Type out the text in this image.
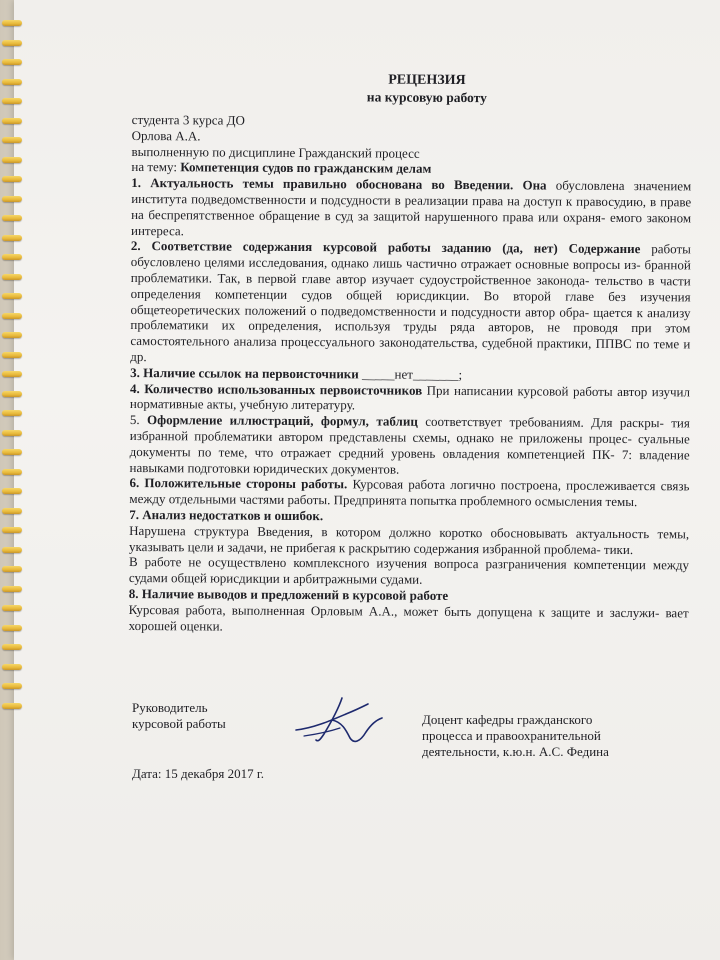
РЕЦЕНЗИЯ
на курсовую работу

студента 3 курса ДО

Орлова А.А.

выполненную по дисциплине Гражданский процесс

на тему: Компетенция судов по гражданским делам

1. Актуальность темы правильно обоснована во Введении. Она обусловлена значением института подведомственности и подсудности в реализации права на доступ к правосудию, в праве на беспрепятственное обращение в суд за защитой нарушенного права или охраня- емого законом интереса.

2. Соответствие содержания курсовой работы заданию (да, нет) Содержание работы обусловлено целями исследования, однако лишь частично отражает основные вопросы из- бранной проблематики. Так, в первой главе автор изучает судоустройственное законода- тельство в части определения компетенции судов общей юрисдикции. Во второй главе без изучения общетеоретических положений о подведомственности и подсудности автор обра- щается к анализу проблематики их определения, используя труды ряда авторов, не проводя при этом самостоятельного анализа процессуального законодательства, судебной практики, ППВС по теме и др.

3. Наличие ссылок на первоисточники _____нет_______;

4. Количество использованных первоисточников При написании курсовой работы автор изучил нормативные акты, учебную литературу.

5. Оформление иллюстраций, формул, таблиц соответствует требованиям. Для раскры- тия избранной проблематики автором представлены схемы, однако не приложены процес- суальные документы по теме, что отражает средний уровень овладения компетенцией ПК- 7: владение навыками подготовки юридических документов.

6. Положительные стороны работы. Курсовая работа логично построена, прослеживается связь между отдельными частями работы. Предпринята попытка проблемного осмысления темы.

7. Анализ недостатков и ошибок.

Нарушена структура Введения, в котором должно коротко обосновывать актуальность темы, указывать цели и задачи, не прибегая к раскрытию содержания избранной проблема- тики.

В работе не осуществлено комплексного изучения вопроса разграничения компетенции между судами общей юрисдикции и арбитражными судами.

8. Наличие выводов и предложений в курсовой работе

Курсовая работа, выполненная Орловым А.А., может быть допущена к защите и заслужи- вает хорошей оценки.

Руководитель
курсовой работы	Доцент кафедры гражданского
процесса и правоохранительной
деятельности, к.ю.н. А.С. Федина
Дата: 15 декабря 2017 г.
